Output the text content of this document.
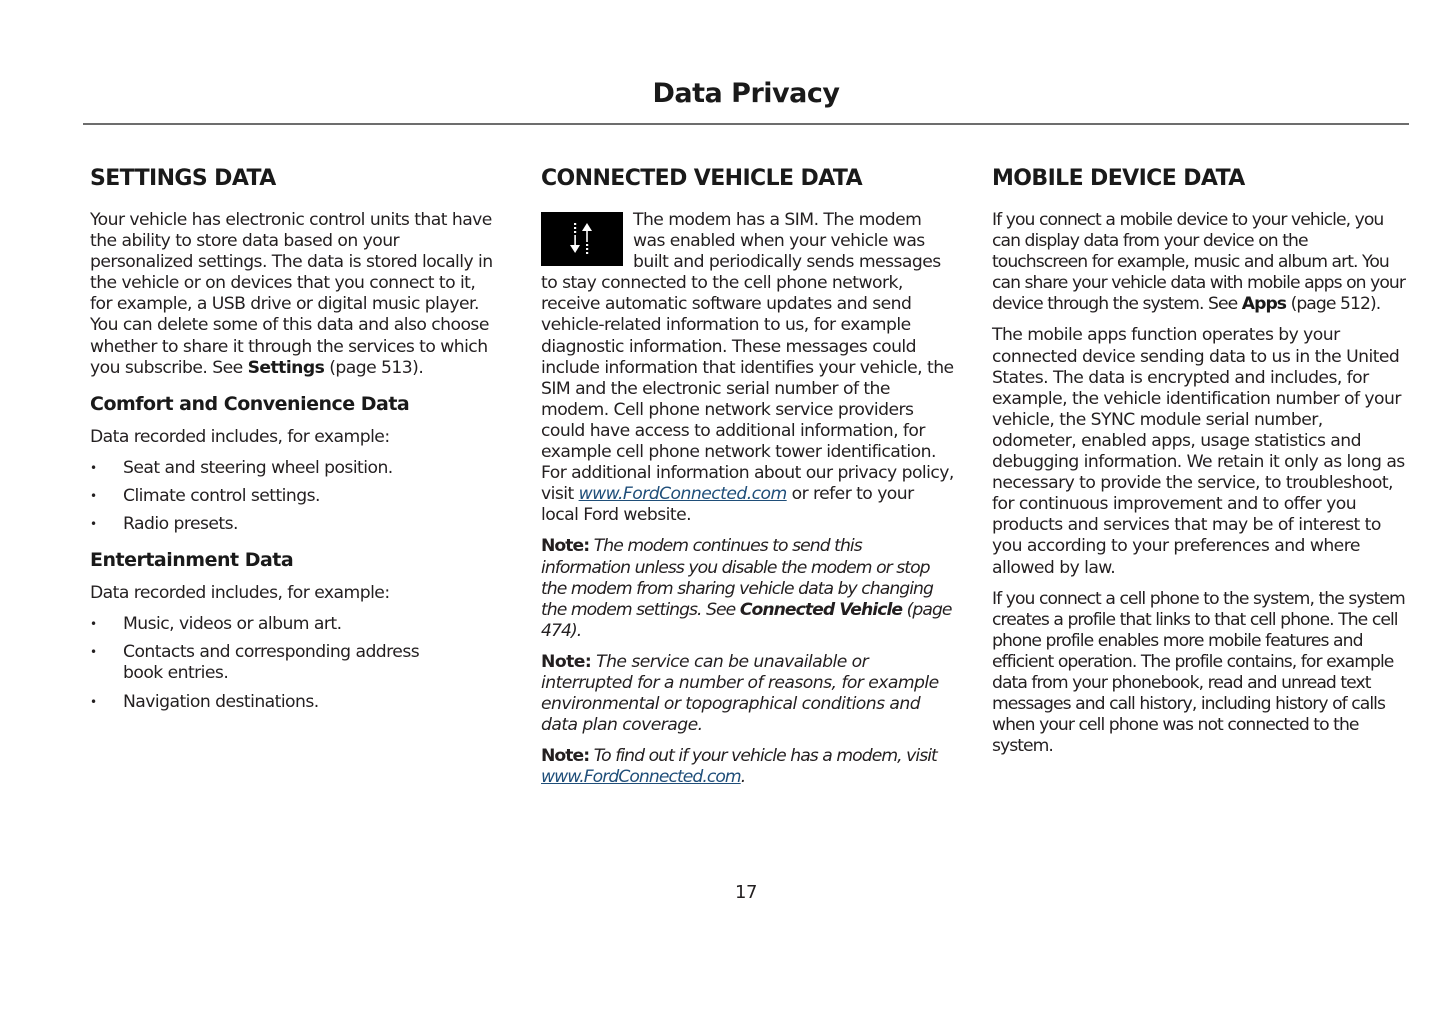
Data Privacy
SETTINGS DATA

Your vehicle has electronic control units that have the ability to store data based on your personalized settings. The data is stored locally in the vehicle or on devices that you connect to it, for example, a USB drive or digital music player. You can delete some of this data and also choose whether to share it through the services to which you subscribe. See Settings (page 513).

Comfort and Convenience Data

Data recorded includes, for example:

• Seat and steering wheel position.
• Climate control settings.
• Radio presets.
Entertainment Data

Data recorded includes, for example:

• Music, videos or album art.
• Contacts and corresponding address book entries.
• Navigation destinations.
CONNECTED VEHICLE DATA

The modem has a SIM. The modem was enabled when your vehicle was built and periodically sends messages to stay connected to the cell phone network, receive automatic software updates and send vehicle-related information to us, for example diagnostic information. These messages could include information that identifies your vehicle, the SIM and the electronic serial number of the modem. Cell phone network service providers could have access to additional information, for example cell phone network tower identification. For additional information about our privacy policy, visit www.FordConnected.com or refer to your local Ford website.

Note: The modem continues to send this information unless you disable the modem or stop the modem from sharing vehicle data by changing the modem settings. See Connected Vehicle (page 474).

Note: The service can be unavailable or interrupted for a number of reasons, for example environmental or topographical conditions and data plan coverage.

Note: To find out if your vehicle has a modem, visit www.FordConnected.com.

MOBILE DEVICE DATA

If you connect a mobile device to your vehicle, you can display data from your device on the touchscreen for example, music and album art. You can share your vehicle data with mobile apps on your device through the system. See Apps (page 512).

The mobile apps function operates by your connected device sending data to us in the United States. The data is encrypted and includes, for example, the vehicle identification number of your vehicle, the SYNC module serial number, odometer, enabled apps, usage statistics and debugging information. We retain it only as long as necessary to provide the service, to troubleshoot, for continuous improvement and to offer you products and services that may be of interest to you according to your preferences and where allowed by law.

If you connect a cell phone to the system, the system creates a profile that links to that cell phone. The cell phone profile enables more mobile features and efficient operation. The profile contains, for example data from your phonebook, read and unread text messages and call history, including history of calls when your cell phone was not connected to the system.

17
